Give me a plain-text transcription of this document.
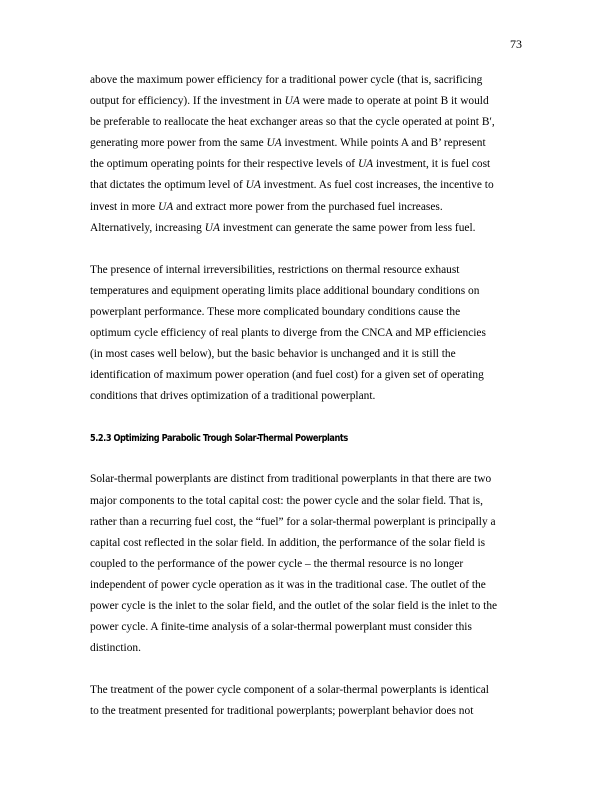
73

above the maximum power efficiency for a traditional power cycle (that is, sacrificing
output for efficiency). If the investment in UA were made to operate at point B it would
be preferable to reallocate the heat exchanger areas so that the cycle operated at point B′,
generating more power from the same UA investment. While points A and B’ represent
the optimum operating points for their respective levels of UA investment, it is fuel cost
that dictates the optimum level of UA investment. As fuel cost increases, the incentive to
invest in more UA and extract more power from the purchased fuel increases.
Alternatively, increasing UA investment can generate the same power from less fuel.

The presence of internal irreversibilities, restrictions on thermal resource exhaust
temperatures and equipment operating limits place additional boundary conditions on
powerplant performance. These more complicated boundary conditions cause the
optimum cycle efficiency of real plants to diverge from the CNCA and MP efficiencies
(in most cases well below), but the basic behavior is unchanged and it is still the
identification of maximum power operation (and fuel cost) for a given set of operating
conditions that drives optimization of a traditional powerplant.

5.2.3 Optimizing Parabolic Trough Solar-Thermal Powerplants

Solar-thermal powerplants are distinct from traditional powerplants in that there are two
major components to the total capital cost: the power cycle and the solar field. That is,
rather than a recurring fuel cost, the “fuel” for a solar-thermal powerplant is principally a
capital cost reflected in the solar field. In addition, the performance of the solar field is
coupled to the performance of the power cycle – the thermal resource is no longer
independent of power cycle operation as it was in the traditional case. The outlet of the
power cycle is the inlet to the solar field, and the outlet of the solar field is the inlet to the
power cycle. A finite-time analysis of a solar-thermal powerplant must consider this
distinction.

The treatment of the power cycle component of a solar-thermal powerplants is identical
to the treatment presented for traditional powerplants; powerplant behavior does not
